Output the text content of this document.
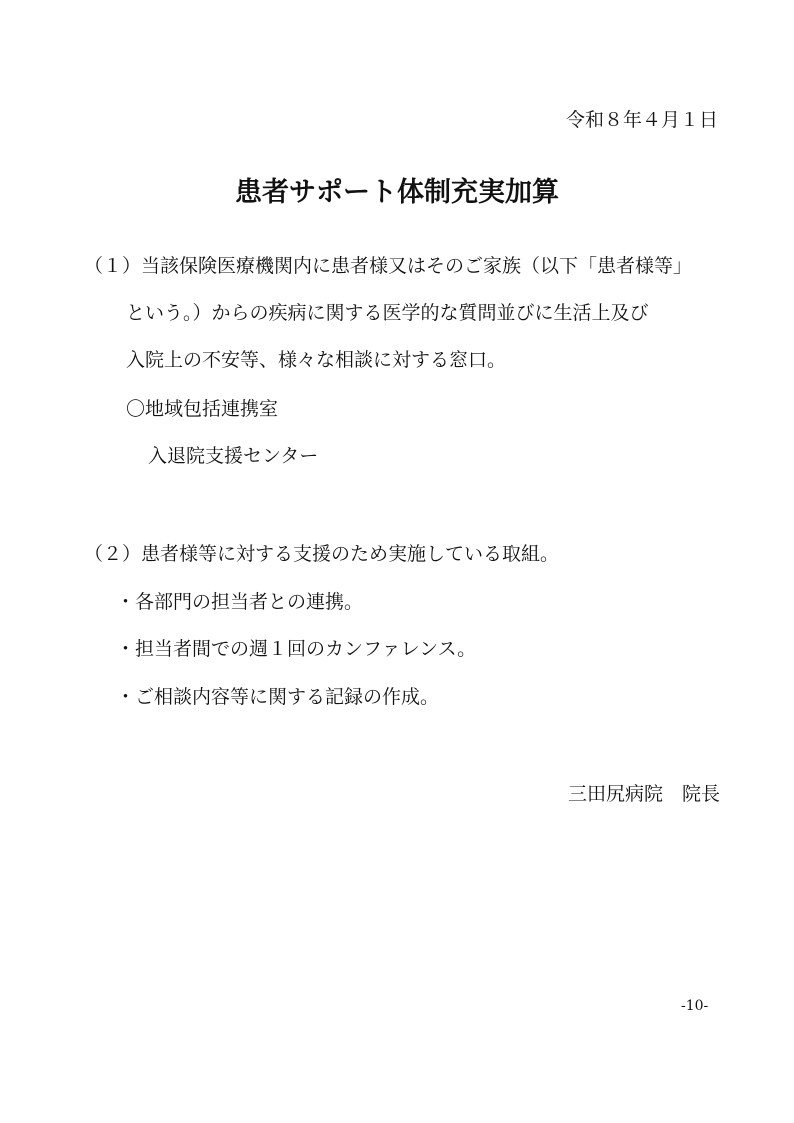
令和８年４月１日
患者サポート体制充実加算
（１）当該保険医療機関内に患者様又はそのご家族（以下「患者様等」
という。）からの疾病に関する医学的な質問並びに生活上及び
入院上の不安等、様々な相談に対する窓口。
〇地域包括連携室
入退院支援センター
（２）患者様等に対する支援のため実施している取組。
・各部門の担当者との連携。
・担当者間での週１回のカンファレンス。
・ご相談内容等に関する記録の作成。
三田尻病院　院長
-10-
